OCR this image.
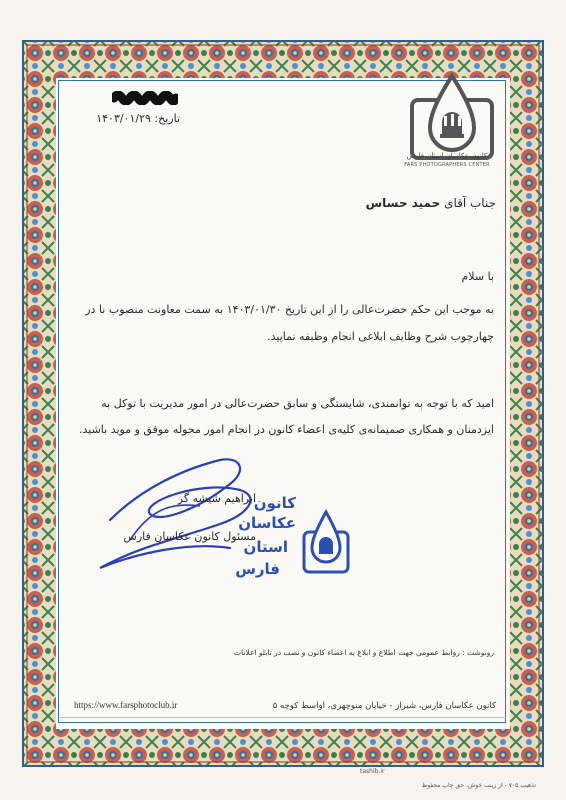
کانون عکاسان استان فارس
FARS PHOTOGRAPHERS CENTER
تاریخ: ۱۴۰۳/۰۱/۲۹
جناب آقای حمید حساس
با سلام
به موجب این حکم حضرت‌عالی را از این تاریخ ۱۴۰۳/۰۱/۳۰ به سمت معاونت منصوب نا در
چهارچوب شرح وظایف ابلاغی انجام وظیفه نمایید.
امید که با توجه به توانمندی، شایستگی و سابق حضرت‌عالی در امور مدیریت با توکل به
ایزدمنان و همکاری صمیمانه‌ی کلیه‌ی اعضاء کانون در انجام امور محوله موفق و موید باشید.
ابراهیم شیشه گر
مسئول کانون عکاسان فارس
کانون
عکاسان
استان
فارس
رونوشت : روابط عمومی جهت اطلاع و ابلاغ به اعضاء کانون و نصب در تابلو اعلانات
https://www.farsphotoclub.ir	کانون عکاسان فارس، شیراز - خیابان منوچهری، اواسط کوچه ۵
tashib.ir
تذهیب ۷۰۵ - از زینب خوش، حق چاپ محفوظ
